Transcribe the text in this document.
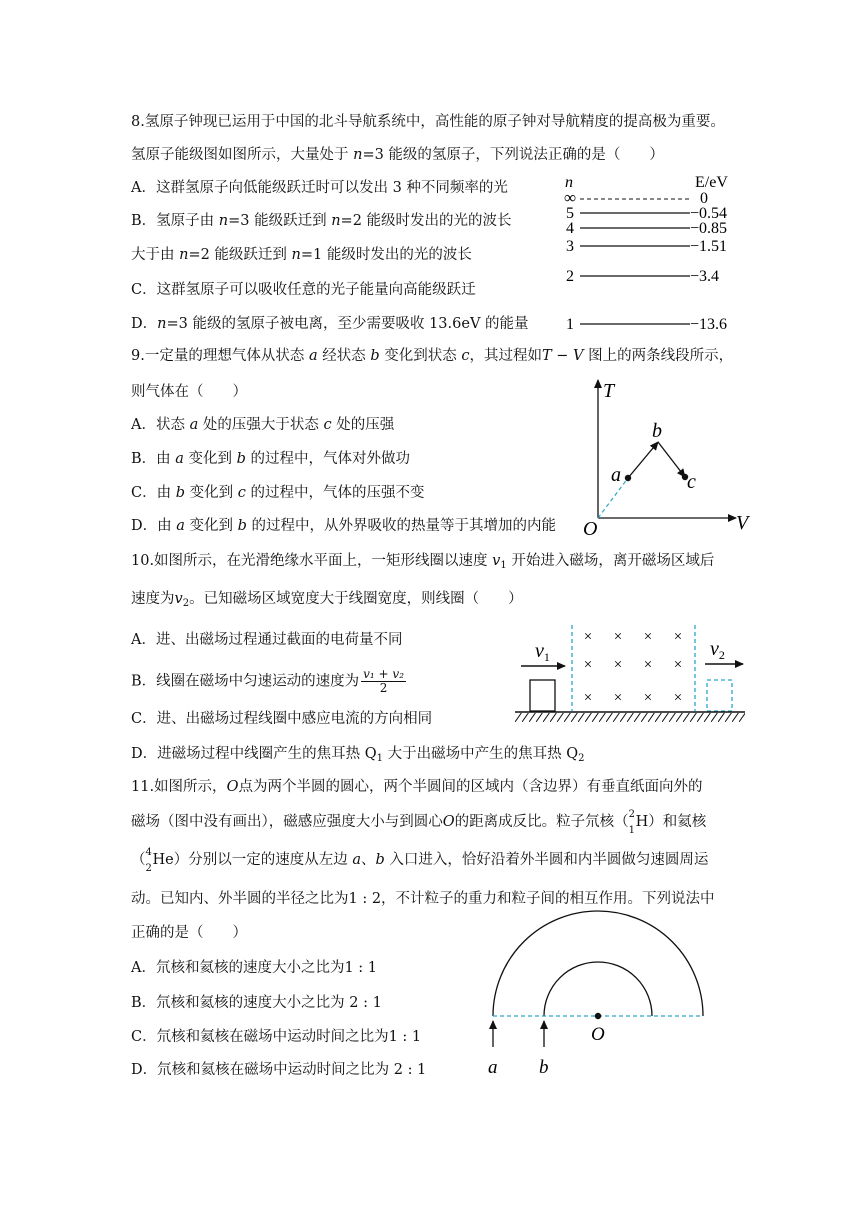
8.氢原子钟现已运用于中国的北斗导航系统中，高性能的原子钟对导航精度的提高极为重要。
氢原子能级图如图所示，大量处于 n=3 能级的氢原子，下列说法正确的是（　　）
A．这群氢原子向低能级跃迁时可以发出 3 种不同频率的光
B．氢原子由 n=3 能级跃迁到 n=2 能级时发出的光的波长
大于由 n=2 能级跃迁到 n=1 能级时发出的光的波长
C．这群氢原子可以吸收任意的光子能量向高能级跃迁
D．n=3 能级的氢原子被电离，至少需要吸收 13.6eV 的能量
n	E/eV
∞	0
5	−0.54
4	−0.85
3	−1.51
2	−3.4
1	−13.6
9.一定量的理想气体从状态 a 经状态 b 变化到状态 c，其过程如T − V 图上的两条线段所示，
则气体在（　　）
A．状态 a 处的压强大于状态 c 处的压强
B．由 a 变化到 b 的过程中，气体对外做功
C．由 b 变化到 c 的过程中，气体的压强不变
D．由 a 变化到 b 的过程中，从外界吸收的热量等于其增加的内能
T
V
O
a
b
c
10.如图所示，在光滑绝缘水平面上，一矩形线圈以速度 $v_1$ 开始进入磁场，离开磁场区域后
速度为$v_2$。已知磁场区域宽度大于线圈宽度，则线圈（　　）
A．进、出磁场过程通过截面的电荷量不同
B．线圈在磁场中匀速运动的速度为 $\frac{\text{v₁ + v₂}}{2}$
C．进、出磁场过程线圈中感应电流的方向相同
D．进磁场过程中线圈产生的焦耳热 $Q_1$ 大于出磁场中产生的焦耳热 $Q_2$
$v_1$	$v_2$
× × × ×
× × × ×
× × × ×
11.如图所示，O点为两个半圆的圆心，两个半圆间的区域内（含边界）有垂直纸面向外的
磁场（图中没有画出），磁感应强度大小与到圆心O的距离成反比。粒子氘核（ 2
1
H）和氦核
（ 4
2
He）分别以一定的速度从左边 a、b 入口进入，恰好沿着外半圆和内半圆做匀速圆周运
动。已知内、外半圆的半径之比为1 : 2，不计粒子的重力和粒子间的相互作用。下列说法中
正确的是（　　）
A．氘核和氦核的速度大小之比为1 : 1
B．氘核和氦核的速度大小之比为 2 : 1
C．氘核和氦核在磁场中运动时间之比为1 : 1
D．氘核和氦核在磁场中运动时间之比为 2 : 1
O
a b
